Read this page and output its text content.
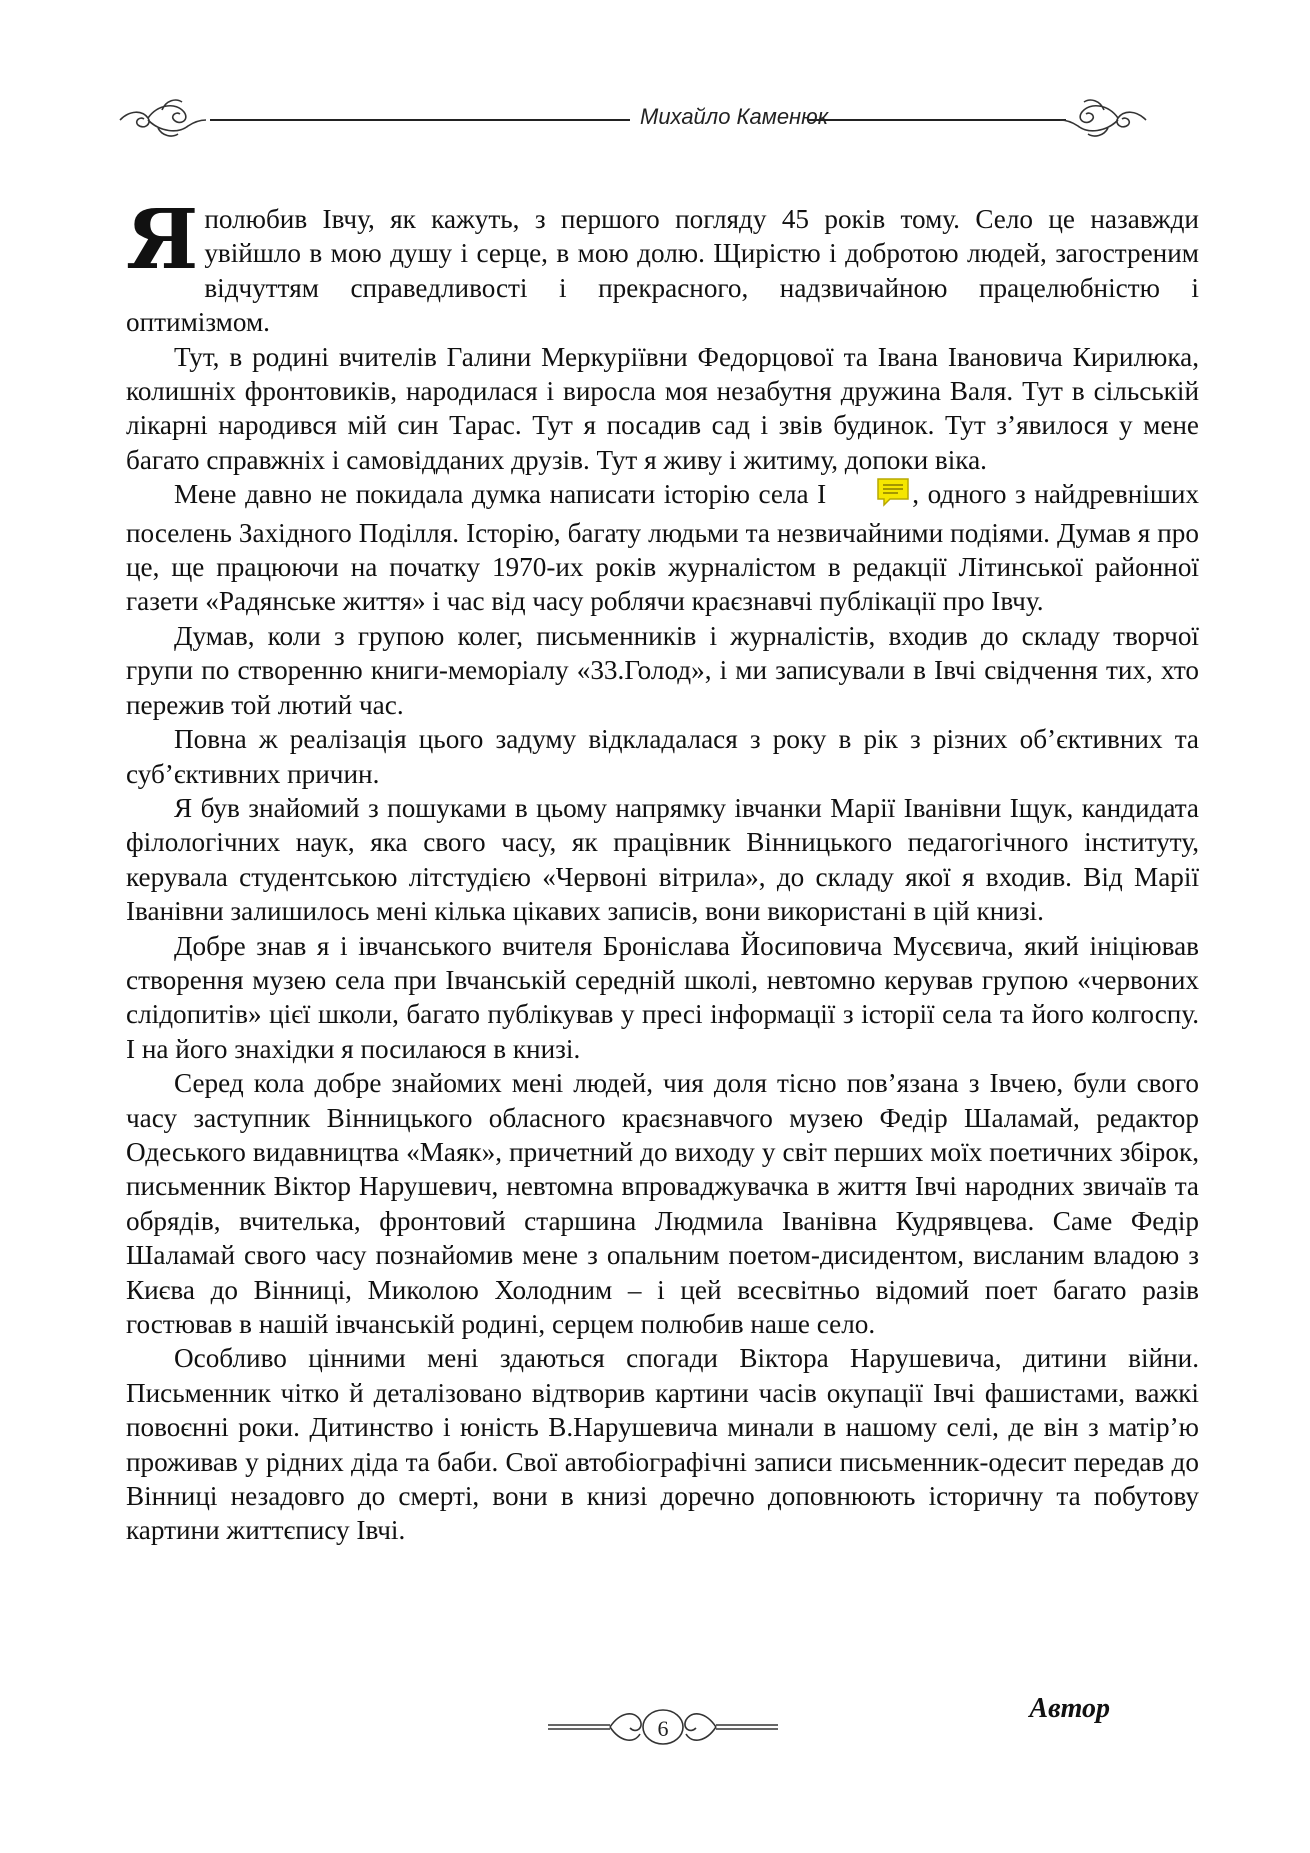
Михайло Каменюк

Яполюбив Івчу, як кажуть, з першого погляду 45 років тому. Село це назавжди увійшло в мою душу і серце, в мою долю. Щирістю і добротою людей, загостреним відчуттям справедливості і прекрасного, надзвичайною працелюбністю і оптимізмом.

Тут, в родині вчителів Галини Меркуріївни Федорцової та Івана Івановича Кирилюка, колишніх фронтовиків, народилася і виросла моя незабутня дружина Валя. Тут в сільській лікарні народився мій син Тарас. Тут я посадив сад і звів будинок. Тут з’явилося у мене багато справжніх і самовідданих друзів. Тут я живу і житиму, допоки віка.

Мене давно не покидала думка написати історію села І	, одного з найдревніших поселень Західного Поділля. Історію, багату людьми та незвичайними подіями. Думав я про це, ще працюючи на початку 1970-их років журналістом в редакції Літинської районної газети «Радянське життя» і час від часу роблячи краєзнавчі публікації про Івчу.

Думав, коли з групою колег, письменників і журналістів, входив до складу творчої групи по створенню книги-меморіалу «33.Голод», і ми записували в Івчі свідчення тих, хто пережив той лютий час.

Повна ж реалізація цього задуму відкладалася з року в рік з різних об’єктивних та суб’єктивних причин.

Я був знайомий з пошуками в цьому напрямку івчанки Марії Іванівни Іщук, кандидата філологічних наук, яка свого часу, як працівник Вінницького педагогічного інституту, керувала студентською літстудією «Червоні вітрила», до складу якої я входив. Від Марії Іванівни залишилось мені кілька цікавих записів, вони використані в цій книзі.

Добре знав я і івчанського вчителя Броніслава Йосиповича Мусєвича, який ініціював створення музею села при Івчанській середній школі, невтомно керував групою «червоних слідопитів» цієї школи, багато публікував у пресі інформації з історії села та його колгоспу. І на його знахідки я посилаюся в книзі.

Серед кола добре знайомих мені людей, чия доля тісно пов’язана з Івчею, були свого часу заступник Вінницького обласного краєзнавчого музею Федір Шаламай, редактор Одеського видавництва «Маяк», причетний до виходу у світ перших моїх поетичних збірок, письменник Віктор Нарушевич, невтомна впроваджувачка в життя Івчі народних звичаїв та обрядів, вчителька, фронтовий старшина Людмила Іванівна Кудрявцева. Саме Федір Шаламай свого часу познайомив мене з опальним поетом-дисидентом, висланим владою з Києва до Вінниці, Миколою Холодним – і цей всесвітньо відомий поет багато разів гостював в нашій івчанській родині, серцем полюбив наше село.

Особливо цінними мені здаються спогади Віктора Нарушевича, дитини війни. Письменник чітко й деталізовано відтворив картини часів окупації Івчі фашистами, важкі повоєнні роки. Дитинство і юність В.Нарушевича минали в нашому селі, де він з матір’ю проживав у рідних діда та баби. Свої автобіографічні записи письменник-одесит передав до Вінниці незадовго до смерті, вони в книзі доречно доповнюють історичну та побутову картини життєпису Івчі.

Автор
6
